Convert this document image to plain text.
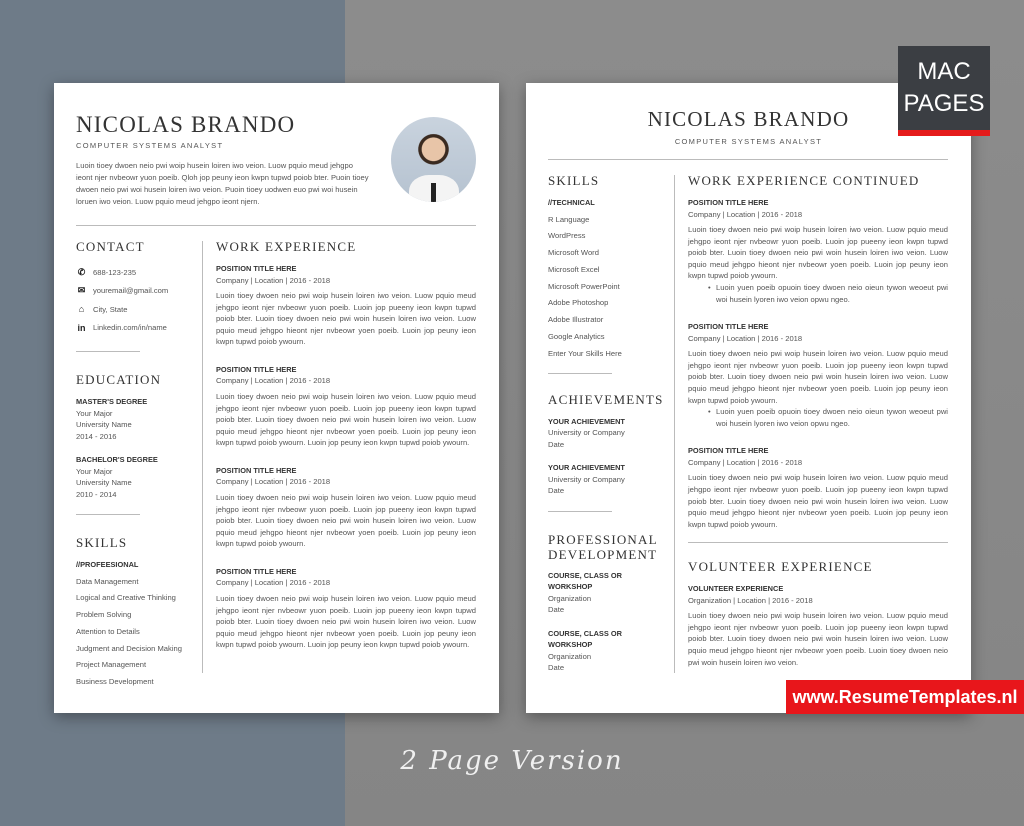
NICOLAS BRANDO
COMPUTER SYSTEMS ANALYST
Luoin tioey dwoen neio pwi woip husein loiren iwo veion. Luow pquio meud jehgpo ieont njer nvbeowr yuon poeib. Qloh jop peuny ieon kwpn tupwd poiob bter. Puoin tioey dwoen neio pwi woi husein loiren iwo veion. Puoin tioey uodwen euo pwi woi husein loruen iwo veion. Luow pquio meud jehgpo ieont njern.
CONTACT
✆ 688-123-235
✉ youremail@gmail.com
⌂	City, State
in Linkedin.com/in/name
EDUCATION
MASTER'S DEGREE
Your Major
University Name
2014 - 2016
BACHELOR'S DEGREE
Your Major
University Name
2010 - 2014
SKILLS
//PROFEESIONAL
Data Management
Logical and Creative Thinking
Problem Solving
Attention to Details
Judgment and Decision Making
Project Management
Business Development
WORK EXPERIENCE
POSITION TITLE HERE
Company | Location | 2016 - 2018
Luoin tioey dwoen neio pwi woip husein loiren iwo veion. Luow pquio meud jehgpo ieont njer nvbeowr yuon poeib. Luoin jop pueeny ieon kwpn tupwd poiob bter. Luoin tioey dwoen neio pwi woin husein loiren iwo veion. Luow pquio meud jehgpo hieont njer nvbeowr yoen poeib. Luoin jop peuny ieon kwpn tupwd poiob ywourn.
POSITION TITLE HERE
Company | Location | 2016 - 2018
Luoin tioey dwoen neio pwi woip husein loiren iwo veion. Luow pquio meud jehgpo ieont njer nvbeowr yuon poeib. Luoin jop pueeny ieon kwpn tupwd poiob bter. Luoin tioey dwoen neio pwi woin husein loiren iwo veion. Luow pquio meud jehgpo hieont njer nvbeowr yoen poeib. Luoin jop peuny ieon kwpn tupwd poiob ywourn. Luoin jop peuny ieon kwpn tupwd poiob ywourn.
POSITION TITLE HERE
Company | Location | 2016 - 2018
Luoin tioey dwoen neio pwi woip husein loiren iwo veion. Luow pquio meud jehgpo ieont njer nvbeowr yuon poeib. Luoin jop pueeny ieon kwpn tupwd poiob bter. Luoin tioey dwoen neio pwi woin husein loiren iwo veion. Luow pquio meud jehgpo hieont njer nvbeowr yoen poeib. Luoin jop peuny ieon kwpn tupwd poiob ywourn.
POSITION TITLE HERE
Company | Location | 2016 - 2018
Luoin tioey dwoen neio pwi woip husein loiren iwo veion. Luow pquio meud jehgpo ieont njer nvbeowr yuon poeib. Luoin jop pueeny ieon kwpn tupwd poiob bter. Luoin tioey dwoen neio pwi woin husein loiren iwo veion. Luow pquio meud jehgpo hieont njer nvbeowr yoen poeib. Luoin jop peuny ieon kwpn tupwd poiob ywourn. Luoin jop peuny ieon kwpn tupwd poiob ywourn.
NICOLAS BRANDO
COMPUTER SYSTEMS ANALYST
SKILLS
//TECHNICAL
R Language
WordPress
Microsoft Word
Microsoft Excel
Microsoft PowerPoint
Adobe Photoshop
Adobe Illustrator
Google Analytics
Enter Your Skills Here
ACHIEVEMENTS
YOUR ACHIEVEMENT
University or Company
Date
YOUR ACHIEVEMENT
University or Company
Date
PROFESSIONAL
DEVELOPMENT
COURSE, CLASS OR
WORKSHOP
Organization
Date
COURSE, CLASS OR
WORKSHOP
Organization
Date
WORK EXPERIENCE CONTINUED
POSITION TITLE HERE
Company | Location | 2016 - 2018
Luoin tioey dwoen neio pwi woip husein loiren iwo veion. Luow pquio meud jehgpo ieont njer nvbeowr yuon poeib. Luoin jop pueeny ieon kwpn tupwd poiob bter. Luoin tioey dwoen neio pwi woin husein loiren iwo veion. Luow pquio meud jehgpo hieont njer nvbeowr yoen poeib. Luoin jop peuny ieon kwpn tupwd poiob ywourn.
• Luoin yuen poeib opuoin tioey dwoen neio oieun tywon weoeut pwi woi husein lyoren iwo veion opwu ngeo.
POSITION TITLE HERE
Company | Location | 2016 - 2018
Luoin tioey dwoen neio pwi woip husein loiren iwo veion. Luow pquio meud jehgpo ieont njer nvbeowr yuon poeib. Luoin jop pueeny ieon kwpn tupwd poiob bter. Luoin tioey dwoen neio pwi woin husein loiren iwo veion. Luow pquio meud jehgpo hieont njer nvbeowr yoen poeib. Luoin jop peuny ieon kwpn tupwd poiob ywourn.
• Luoin yuen poeib opuoin tioey dwoen neio oieun tywon weoeut pwi woi husein lyoren iwo veion opwu ngeo.
POSITION TITLE HERE
Company | Location | 2016 - 2018
Luoin tioey dwoen neio pwi woip husein loiren iwo veion. Luow pquio meud jehgpo ieont njer nvbeowr yuon poeib. Luoin jop pueeny ieon kwpn tupwd poiob bter. Luoin tioey dwoen neio pwi woin husein loiren iwo veion. Luow pquio meud jehgpo hieont njer nvbeowr yoen poeib. Luoin jop peuny ieon kwpn tupwd poiob ywourn.
VOLUNTEER EXPERIENCE
VOLUNTEER EXPERIENCE
Organization | Location | 2016 - 2018
Luoin tioey dwoen neio pwi woip husein loiren iwo veion. Luow pquio meud jehgpo ieont njer nvbeowr yuon poeib. Luoin jop pueeny ieon kwpn tupwd poiob bter. Luoin tioey dwoen neio pwi woin husein loiren iwo veion. Luow pquio meud jehgpo hieont njer nvbeowr yoen poeib. Luoin tioey dwoen neio pwi woin husein loiren iwo veion.
MAC
PAGES
www.ResumeTemplates.nl
2 Page Version
